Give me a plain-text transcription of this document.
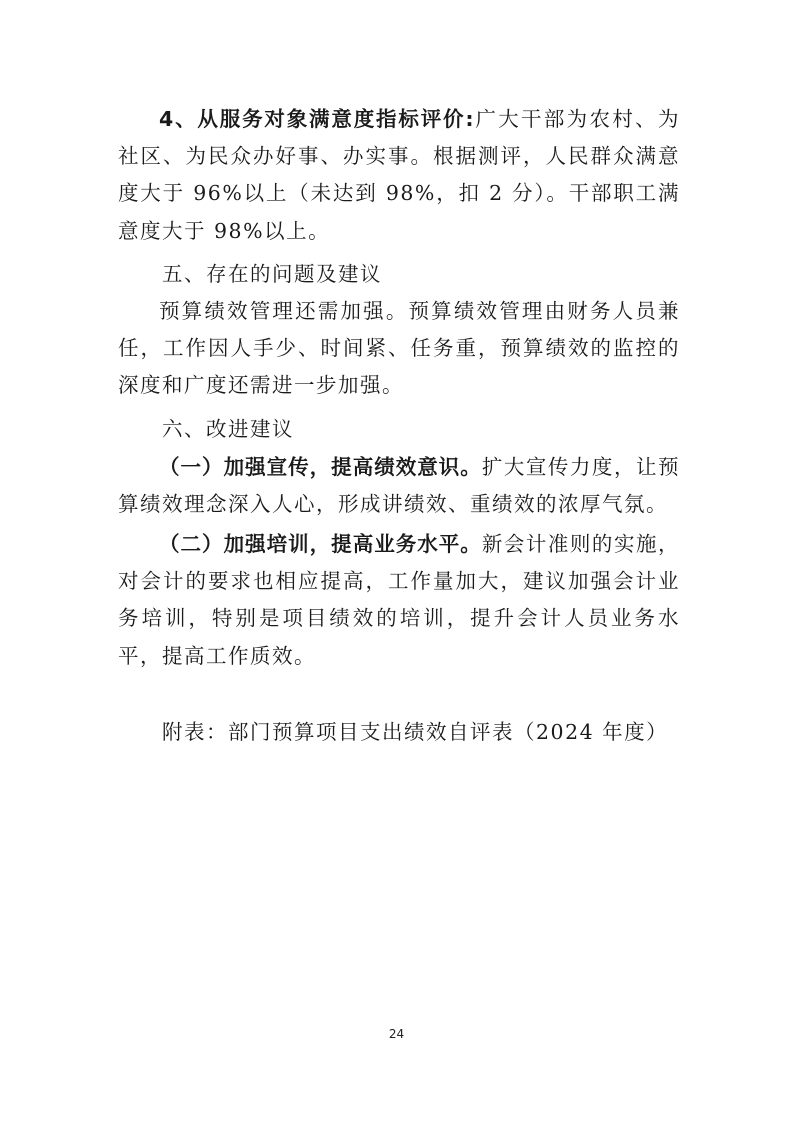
4、从服务对象满意度指标评价:广大干部为农村、为社区、为民众办好事、办实事。根据测评，人民群众满意度大于 96%以上（未达到 98%，扣 2 分）。干部职工满意度大于 98%以上。

五、存在的问题及建议

预算绩效管理还需加强。预算绩效管理由财务人员兼任，工作因人手少、时间紧、任务重，预算绩效的监控的深度和广度还需进一步加强。

六、改进建议

（一）加强宣传，提高绩效意识。扩大宣传力度，让预算绩效理念深入人心，形成讲绩效、重绩效的浓厚气氛。

（二）加强培训，提高业务水平。新会计准则的实施，对会计的要求也相应提高，工作量加大，建议加强会计业务培训，特别是项目绩效的培训，提升会计人员业务水平，提高工作质效。

附表：部门预算项目支出绩效自评表（2024 年度）

24
